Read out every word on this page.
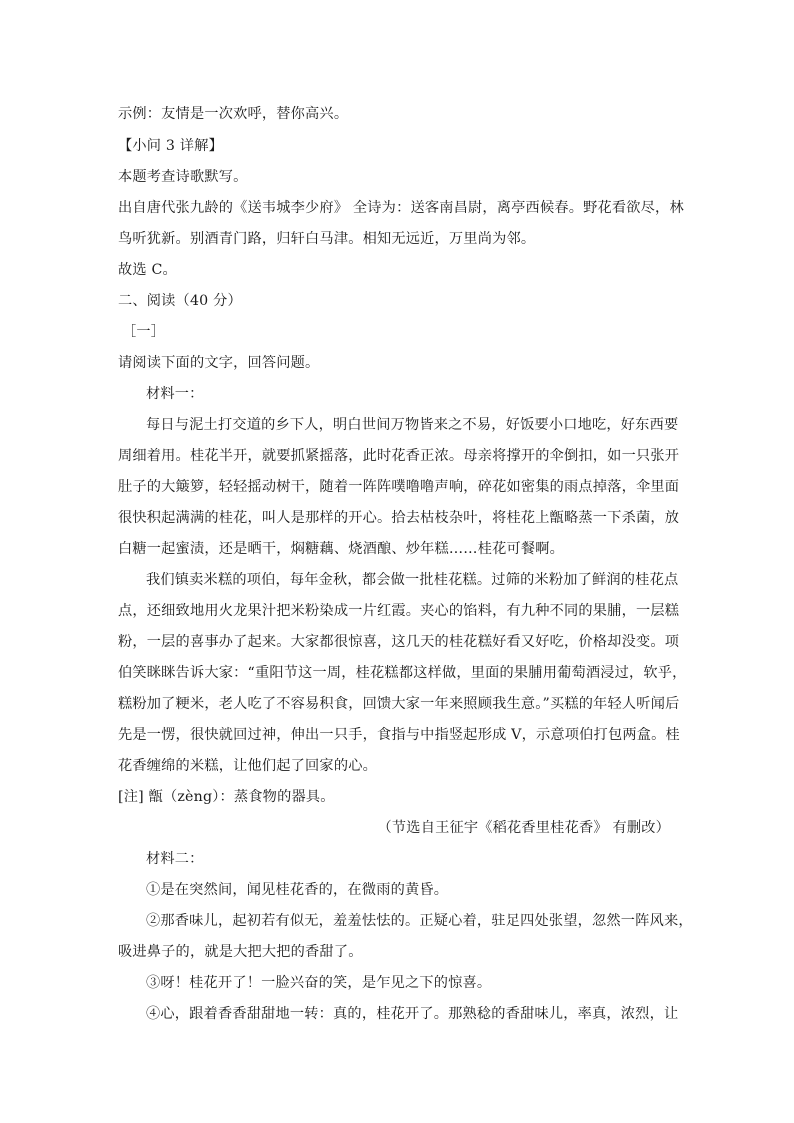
示例：友情是一次欢呼，替你高兴。
【小问 3 详解】
本题考查诗歌默写。
出自唐代张九龄的《送韦城李少府》 全诗为：送客南昌尉，离亭西候春。野花看欲尽，林
鸟听犹新。别酒青门路，归轩白马津。相知无远近，万里尚为邻。
故选 C。
二、阅读（40 分）
［一］
请阅读下面的文字，回答问题。
材料一：
每日与泥土打交道的乡下人，明白世间万物皆来之不易，好饭要小口地吃，好东西要
周细着用。桂花半开，就要抓紧摇落，此时花香正浓。母亲将撑开的伞倒扣，如一只张开
肚子的大簸箩，轻轻摇动树干，随着一阵阵噗噜噜声响，碎花如密集的雨点掉落，伞里面
很快积起满满的桂花，叫人是那样的开心。拾去枯枝杂叶，将桂花上甑略蒸一下杀菌，放
白糖一起蜜渍，还是晒干，焖糖藕、烧酒酿、炒年糕……桂花可餐啊。
我们镇卖米糕的项伯，每年金秋，都会做一批桂花糕。过筛的米粉加了鲜润的桂花点
点，还细致地用火龙果汁把米粉染成一片红霞。夹心的馅料，有九种不同的果脯，一层糕
粉，一层的喜事办了起来。大家都很惊喜，这几天的桂花糕好看又好吃，价格却没变。项
伯笑眯眯告诉大家：“重阳节这一周，桂花糕都这样做，里面的果脯用葡萄酒浸过，软乎，
糕粉加了粳米，老人吃了不容易积食，回馈大家一年来照顾我生意。”买糕的年轻人听闻后
先是一愣，很快就回过神，伸出一只手，食指与中指竖起形成 V，示意项伯打包两盒。桂
花香缠绵的米糕，让他们起了回家的心。
[注] 甑（zèng）：蒸食物的器具。
（节选自王征宇《稻花香里桂花香》 有删改）
材料二：
①是在突然间，闻见桂花香的，在微雨的黄昏。
②那香味儿，起初若有似无，羞羞怯怯的。正疑心着，驻足四处张望，忽然一阵风来，
吸进鼻子的，就是大把大把的香甜了。
③呀！桂花开了！一脸兴奋的笑，是乍见之下的惊喜。
④心，跟着香香甜甜地一转：真的，桂花开了。那熟稔的香甜味儿，率真，浓烈，让
